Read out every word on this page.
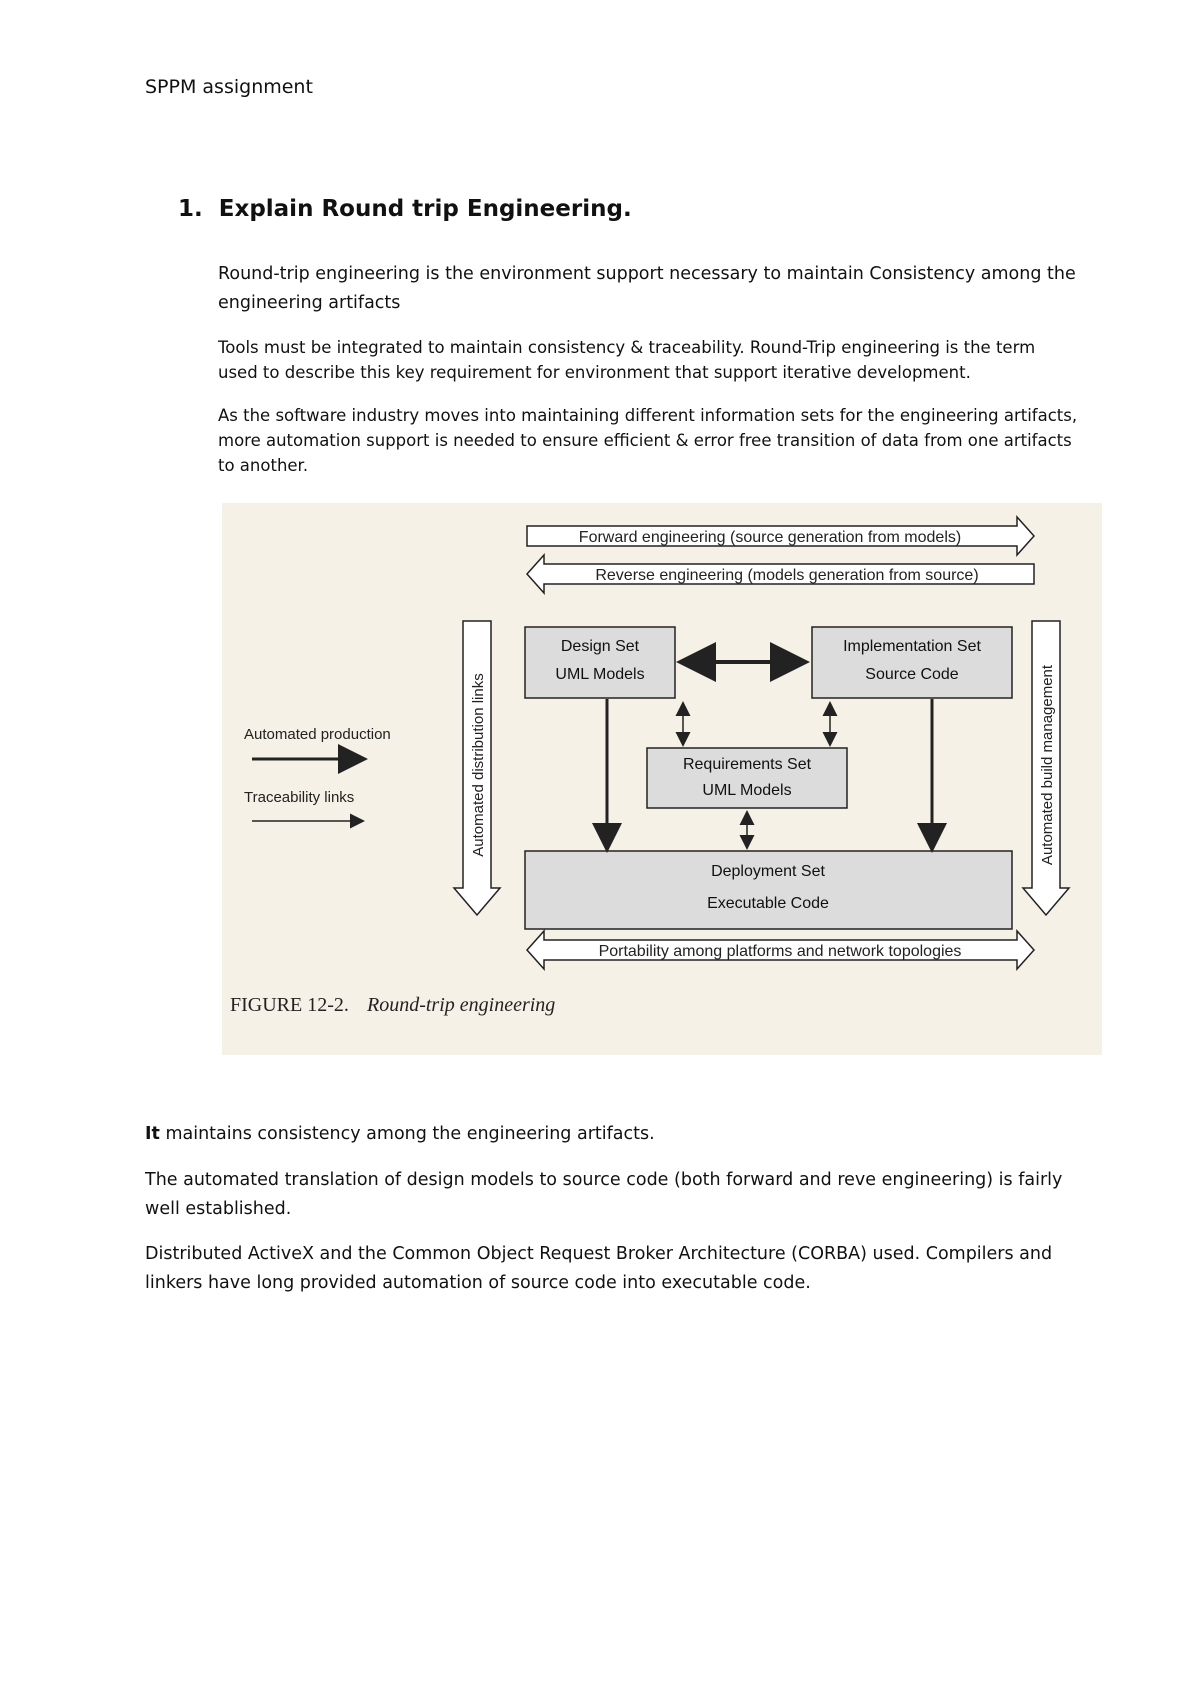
SPPM assignment
1. Explain Round trip Engineering.
Round-trip engineering is the environment support necessary to maintain Consistency among the engineering artifacts
Tools must be integrated to maintain consistency & traceability. Round-Trip engineering is the term used to describe this key requirement for environment that support iterative development.
As the software industry moves into maintaining different information sets for the engineering artifacts, more automation support is needed to ensure efficient & error free transition of data from one artifacts to another.
Forward engineering (source generation from models)
Reverse engineering (models generation from source)
Automated distribution links	Automated build management
Design Set
UML Models
Implementation Set
Source Code
Requirements Set
UML Models
Deployment Set
Executable Code
Automated production
Traceability links
Portability among platforms and network topologies
FIGURE 12-2. Round-trip engineering
It maintains consistency among the engineering artifacts.
The automated translation of design models to source code (both forward and reve engineering) is fairly well established.
Distributed ActiveX and the Common Object Request Broker Architecture (CORBA) used. Compilers and linkers have long provided automation of source code into executable code.
